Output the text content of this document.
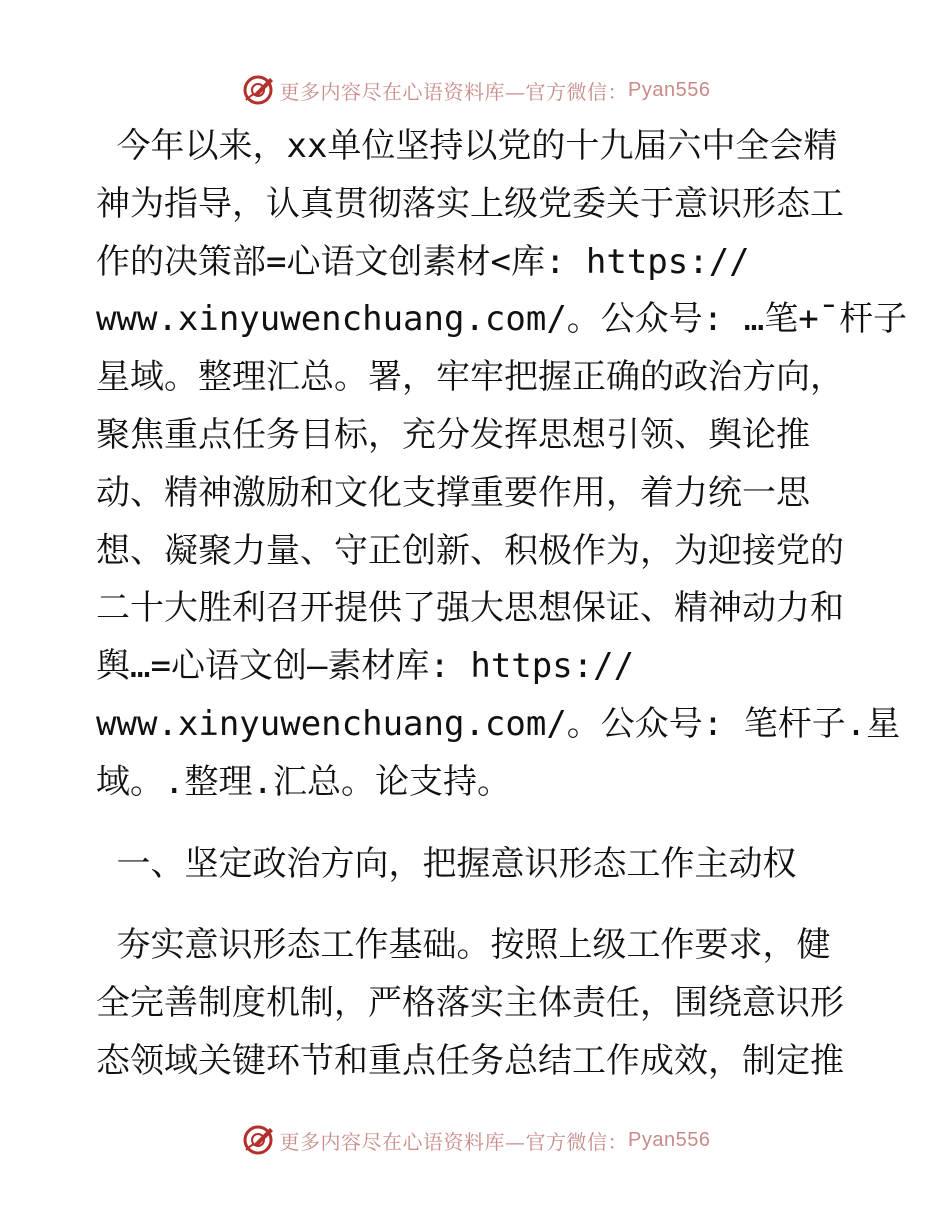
更多内容尽在心语资料库—官方微信： Pyan556
今年以来，xx单位坚持以党的十九届六中全会精
神为指导，认真贯彻落实上级党委关于意识形态工
作的决策部=心语文创素材<库: https://
www.xinyuwenchuang.com/。公众号: …笔+¯杆子
星域。整理汇总。署，牢牢把握正确的政治方向，
聚焦重点任务目标，充分发挥思想引领、舆论推
动、精神激励和文化支撑重要作用，着力统一思
想、凝聚力量、守正创新、积极作为，为迎接党的
二十大胜利召开提供了强大思想保证、精神动力和
舆…=心语文创—素材库: https://
www.xinyuwenchuang.com/。公众号: 笔杆子.星
域。.整理.汇总。论支持。
一、坚定政治方向，把握意识形态工作主动权
夯实意识形态工作基础。按照上级工作要求，健
全完善制度机制，严格落实主体责任，围绕意识形
态领域关键环节和重点任务总结工作成效，制定推
更多内容尽在心语资料库—官方微信： Pyan556
